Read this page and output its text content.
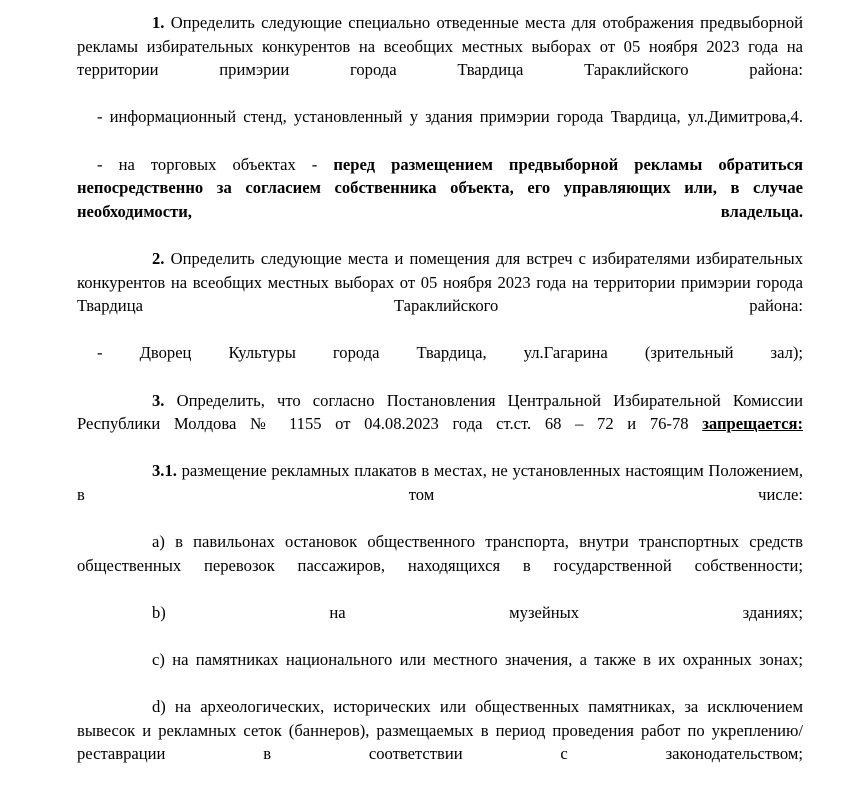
1. Определить следующие специально отведенные места для отображения предвыборной рекламы избирательных конкурентов на всеобщих местных выборах от 05 ноября 2023 года на территории примэрии города Твардица Тараклийского района:

- информационный стенд, установленный у здания примэрии города Твардица, ул.Димитрова,4.

- на торговых объектах - перед размещением предвыборной рекламы обратиться непосредственно за согласием собственника объекта, его управляющих или, в случае необходимости, владельца.

2. Определить следующие места и помещения для встреч с избирателями избирательных конкурентов на всеобщих местных выборах от 05 ноября 2023 года на территории примэрии города Твардица Тараклийского района:

- Дворец Культуры города Твардица, ул.Гагарина (зрительный зал);

3. Определить, что согласно Постановления Центральной Избирательной Комиссии Республики Молдова № 1155 от 04.08.2023 года ст.ст. 68 – 72 и 76-78 запрещается:

3.1. размещение рекламных плакатов в местах, не установленных настоящим Положением, в том числе:

a) в павильонах остановок общественного транспорта, внутри транспортных средств общественных перевозок пассажиров, находящихся в государственной собственности;

b)	на музейных зданиях;

c) на памятниках национального или местного значения, а также в их охранных зонах;

d) на археологических, исторических или общественных памятниках, за исключением вывесок и рекламных сеток (баннеров), размещаемых в период проведения работ по укреплению/реставрации в соответствии с законодательством;
